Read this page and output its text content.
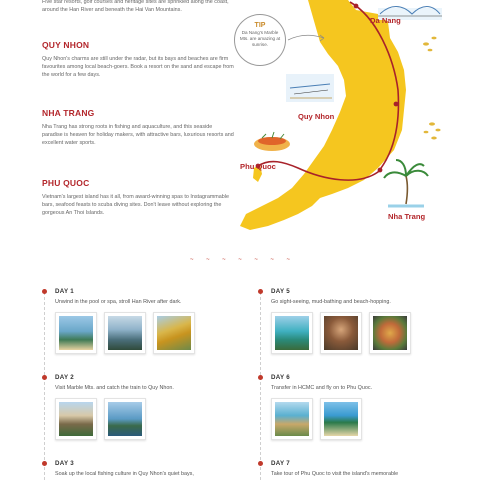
Five star resorts, golf courses and heritage sites are sprinkled along the coast, around the Han River and beneath the Hai Van Mountains.
QUY NHON
Quy Nhon's charms are still under the radar, but its bays and beaches are firm favourites among local beach-goers. Book a resort on the sand and escape from the world for a few days.
NHA TRANG
Nha Trang has strong roots in fishing and aquaculture, and this seaside paradise is heaven for holiday makers, with attractive bars, luxurious resorts and excellent water sports.
PHU QUOC
Vietnam's largest island has it all, from award-winning spas to Instagrammable bars, seafood feasts to scuba diving sites. Don't leave without exploring the gorgeous An Thoi Islands.
Da Nang
Quy Nhon
Phu Quoc
Nha Trang
TIP
Da Nang's Marble Mts. are amazing at sunrise.
~ ~ ~ ~ ~ ~ ~
DAY 1
Unwind in the pool or spa, stroll Han River after dark.
DAY 2
Visit Marble Mts. and catch the train to Quy Nhon.
DAY 3
Soak up the local fishing culture in Quy Nhon's quiet bays,
DAY 5
Go sight-seeing, mud-bathing and beach-hopping.
DAY 6
Transfer in HCMC and fly on to Phu Quoc.
DAY 7
Take tour of Phu Quoc to visit the island's memorable
